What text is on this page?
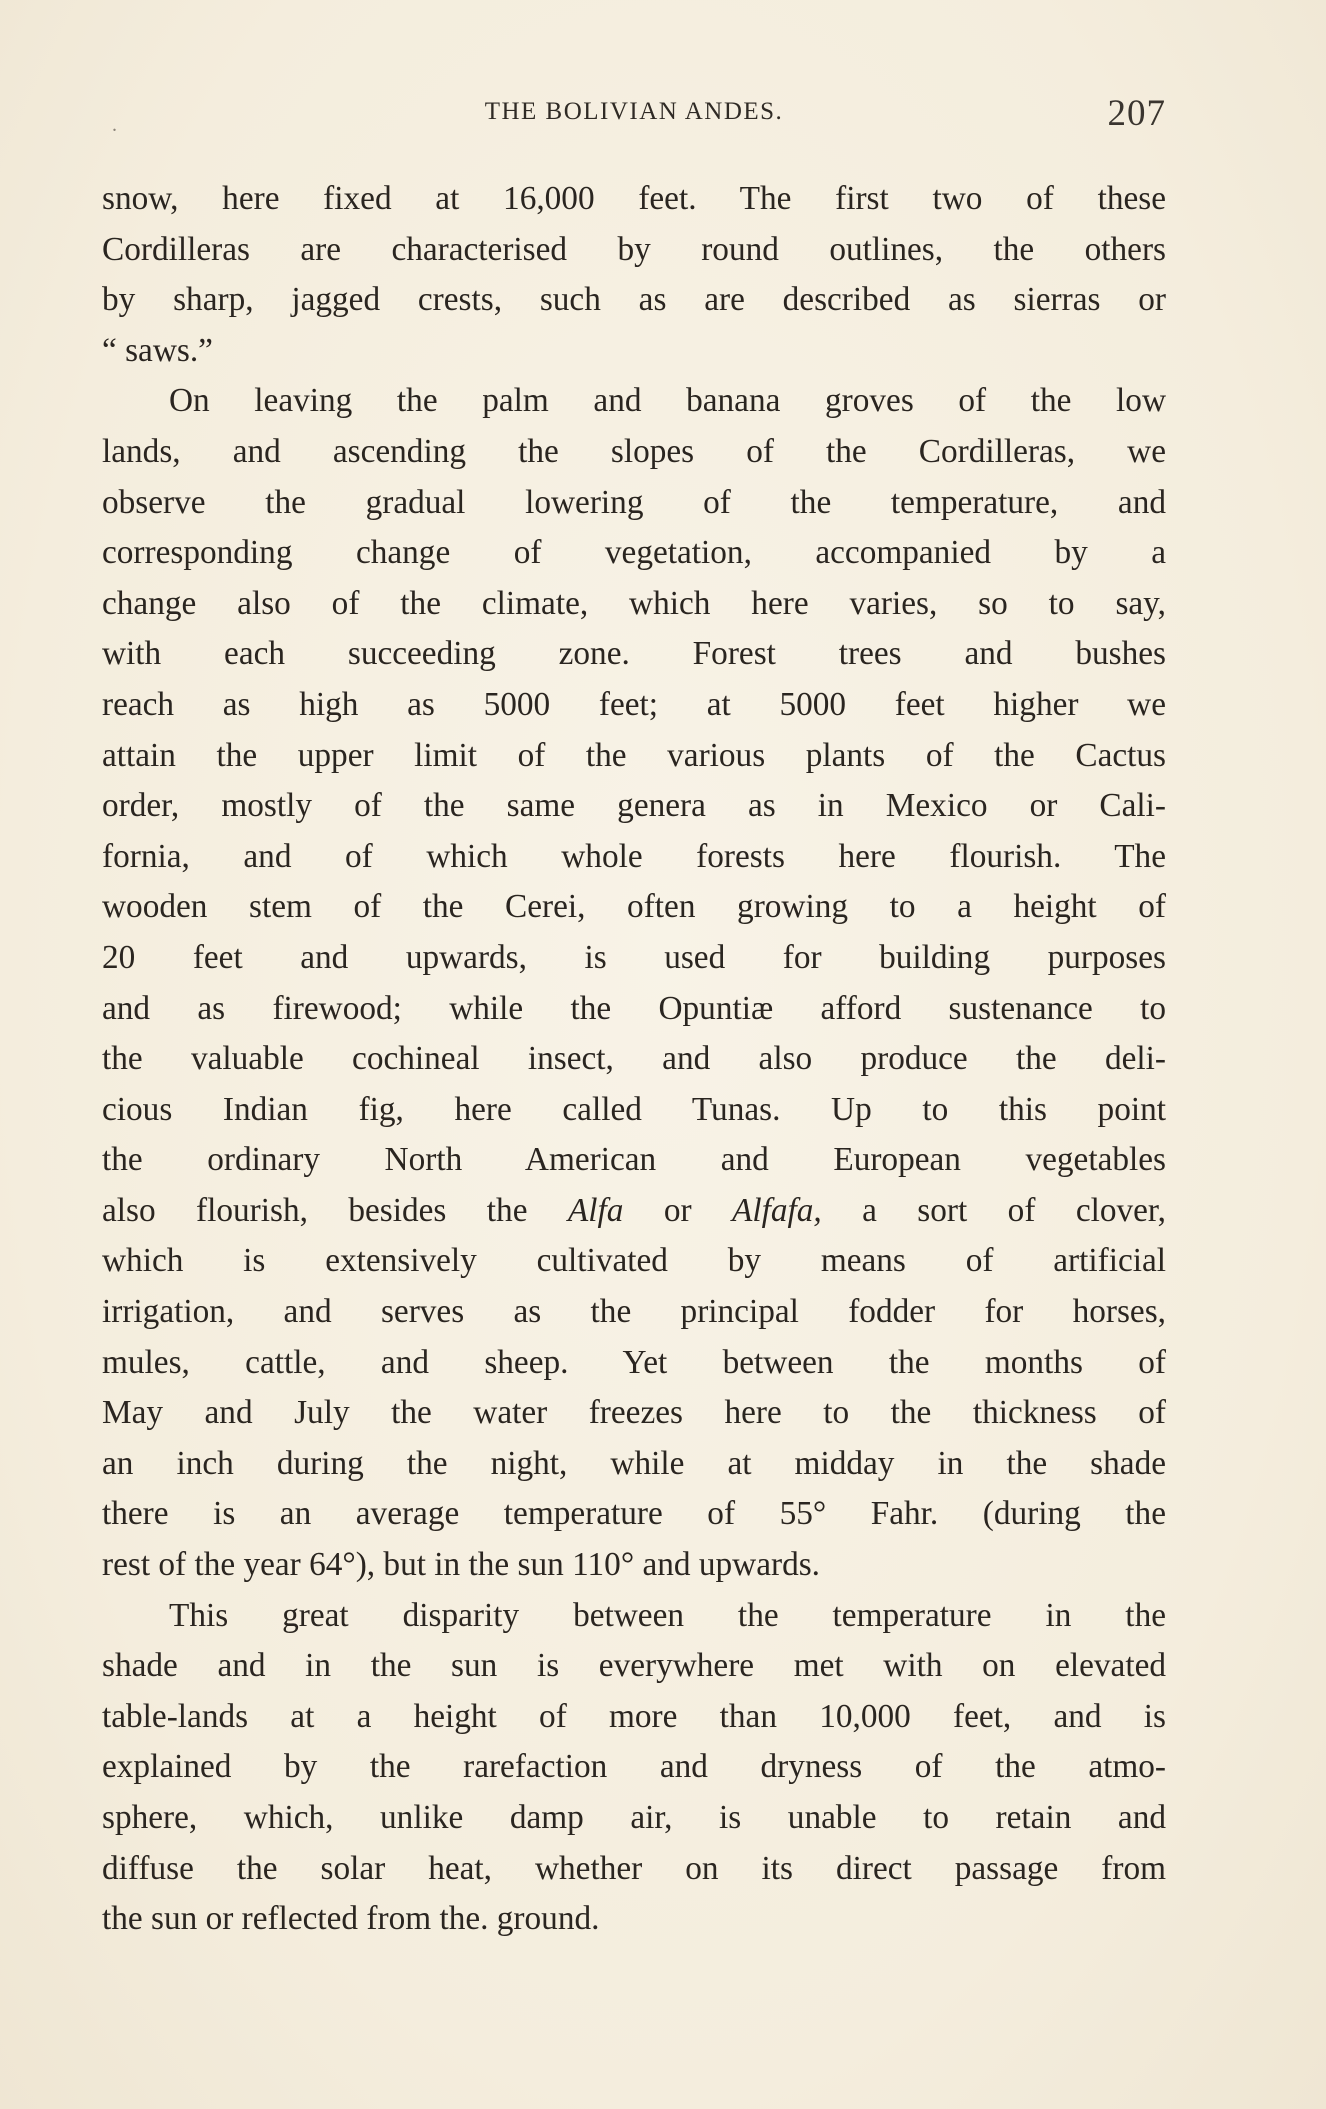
.	THE BOLIVIAN ANDES.	207
snow, here fixed at 16,000 feet. The first two of these
Cordilleras are characterised by round outlines, the others
by sharp, jagged crests, such as are described as sierras or
“ saws.”
On leaving the palm and banana groves of the low
lands, and ascending the slopes of the Cordilleras, we
observe the gradual lowering of the temperature, and
corresponding change of vegetation, accompanied by a
change also of the climate, which here varies, so to say,
with each succeeding zone. Forest trees and bushes
reach as high as 5000 feet; at 5000 feet higher we
attain the upper limit of the various plants of the Cactus
order, mostly of the same genera as in Mexico or Cali-
fornia, and of which whole forests here flourish. The
wooden stem of the Cerei, often growing to a height of
20 feet and upwards, is used for building purposes
and as firewood; while the Opuntiæ afford sustenance to
the valuable cochineal insect, and also produce the deli-
cious Indian fig, here called Tunas. Up to this point
the ordinary North American and European vegetables
also flourish, besides the Alfa or Alfafa, a sort of clover,
which is extensively cultivated by means of artificial
irrigation, and serves as the principal fodder for horses,
mules, cattle, and sheep. Yet between the months of
May and July the water freezes here to the thickness of
an inch during the night, while at midday in the shade
there is an average temperature of 55° Fahr. (during the
rest of the year 64°), but in the sun 110° and upwards.
This great disparity between the temperature in the
shade and in the sun is everywhere met with on elevated
table-lands at a height of more than 10,000 feet, and is
explained by the rarefaction and dryness of the atmo-
sphere, which, unlike damp air, is unable to retain and
diffuse the solar heat, whether on its direct passage from
the sun or reflected from the. ground.
